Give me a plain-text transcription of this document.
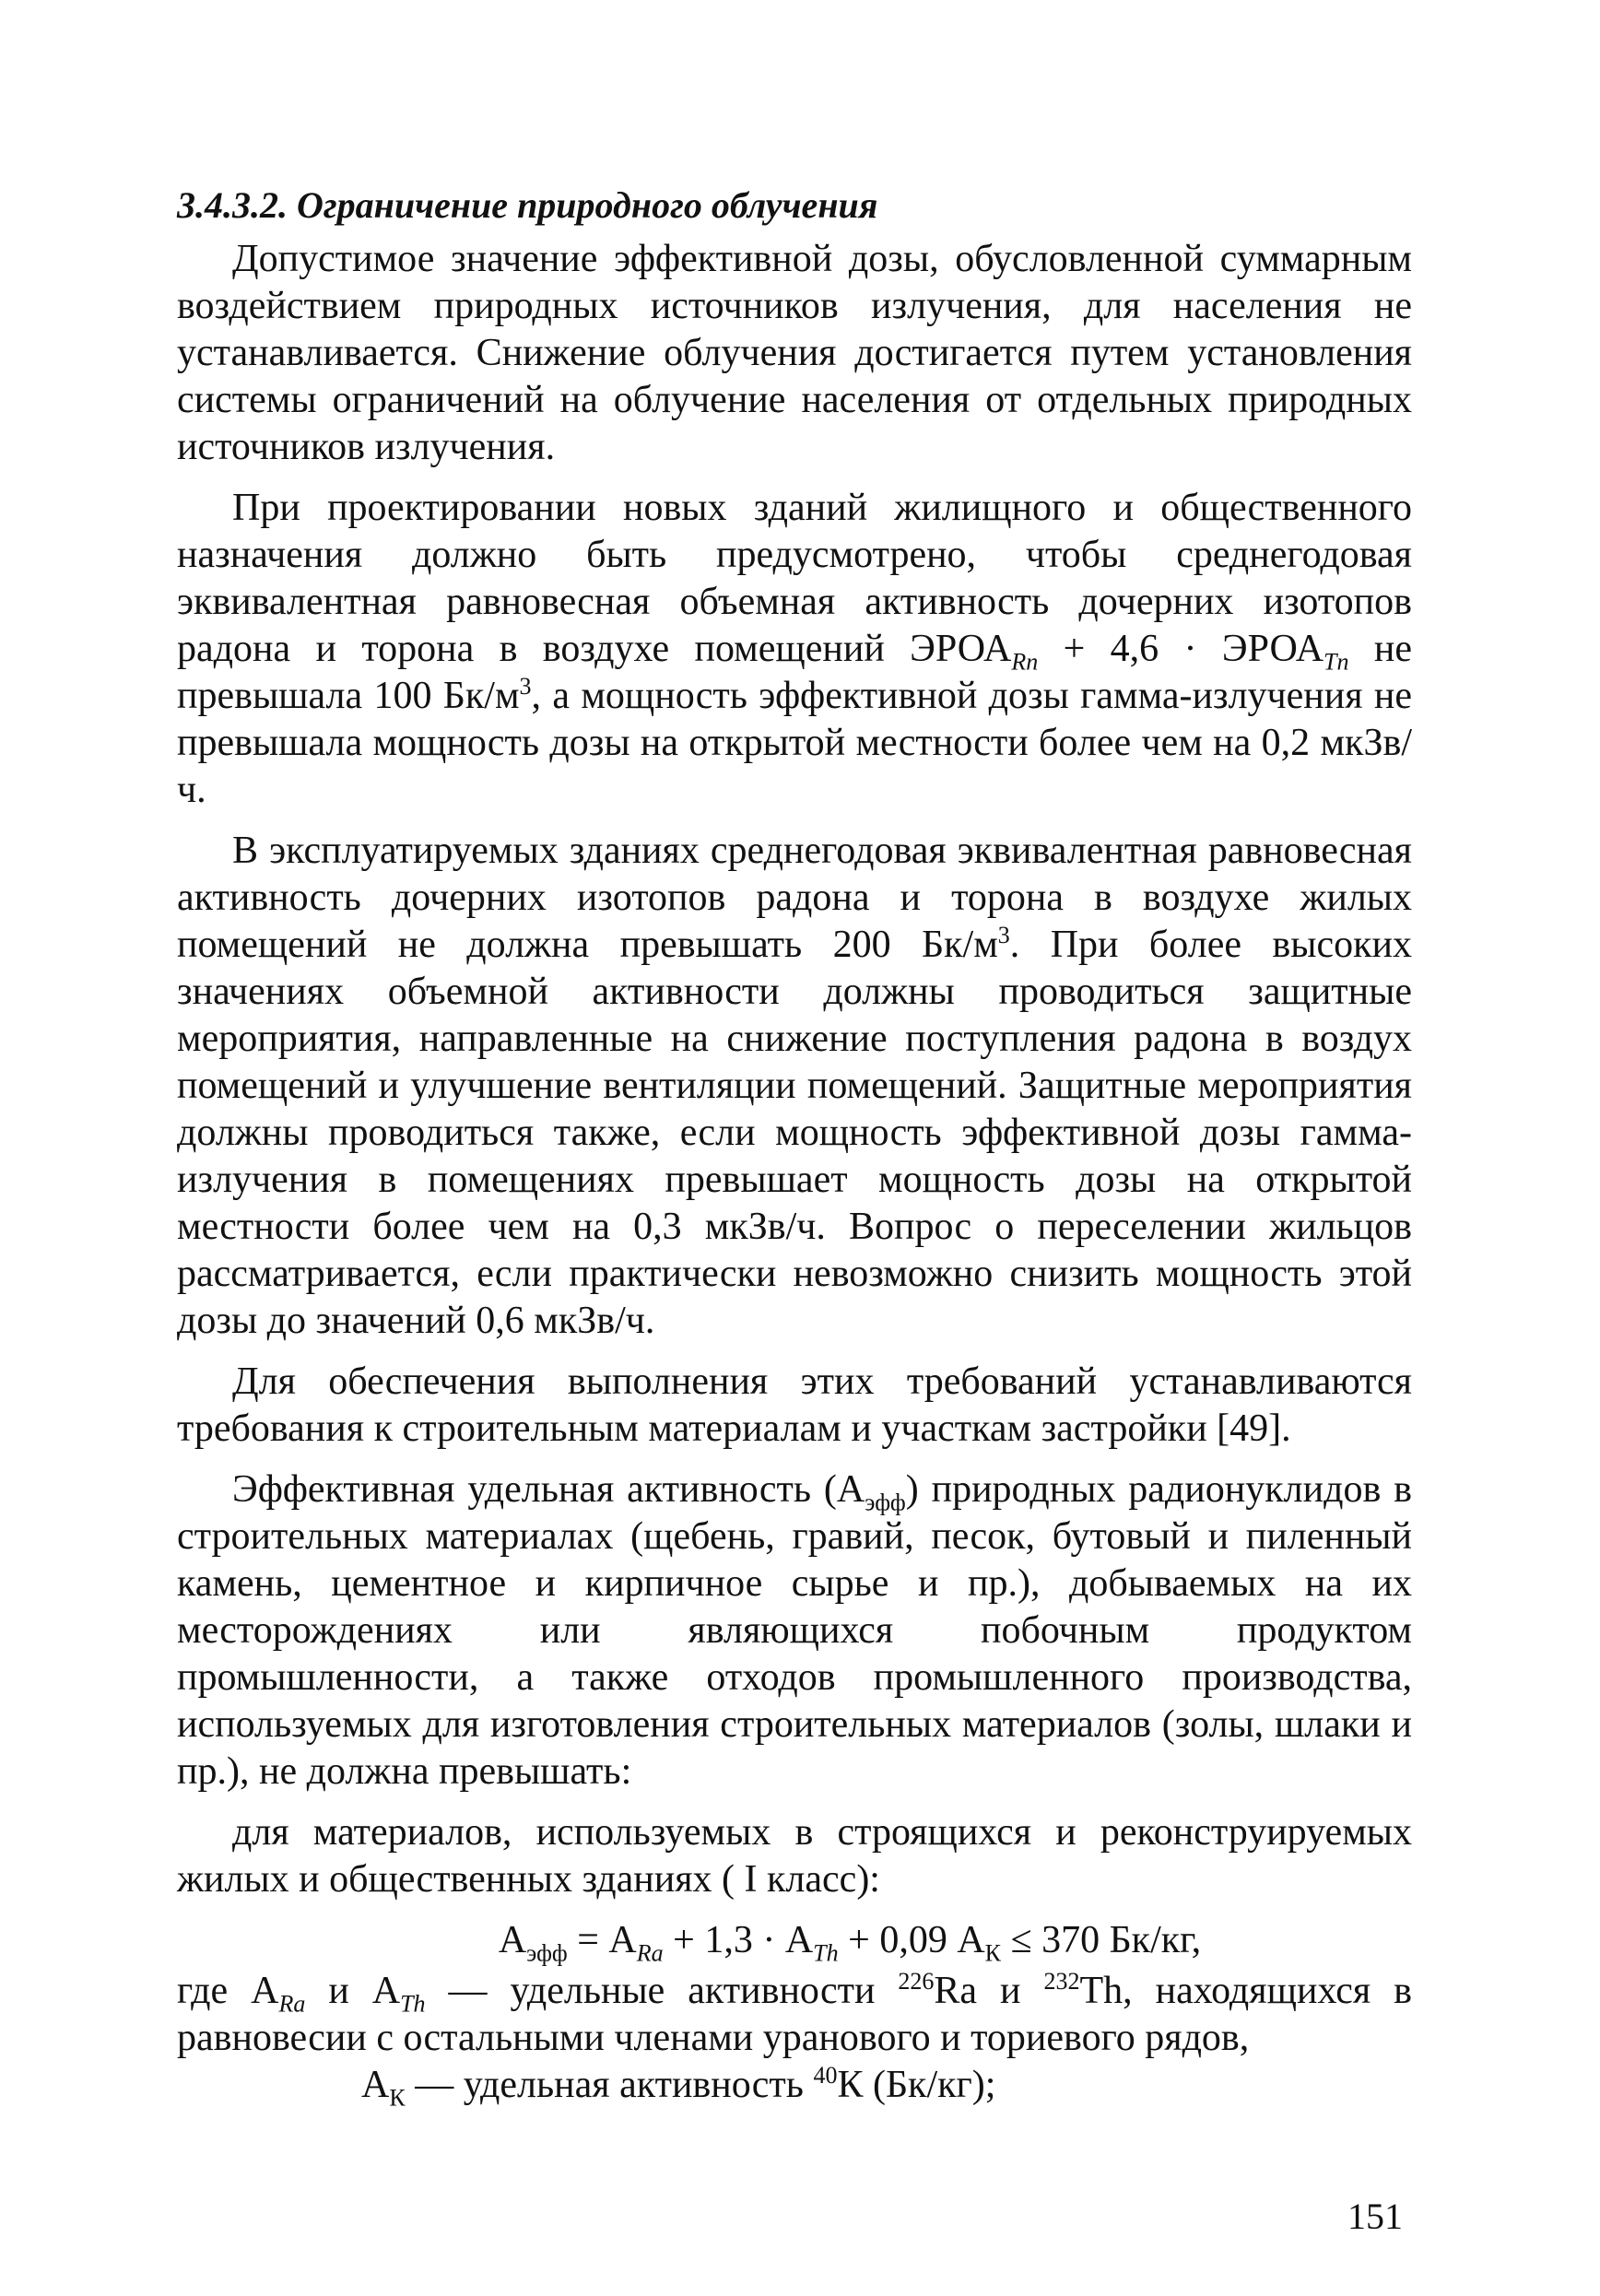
3.4.3.2. Ограничение природного облучения

Допустимое значение эффективной дозы, обусловленной суммарным воздействием природных источников излучения, для населения не устанавливается. Снижение облучения достигается путем установления системы ограничений на облучение населения от отдельных природных источников излучения.

При проектировании новых зданий жилищного и общественного назначения должно быть предусмотрено, чтобы среднегодовая эквивалентная равновесная объемная активность дочерних изотопов радона и торона в воздухе помещений $ЭРОА_{Rn} + 4,6$ · $ЭРОА_{Tn}$ не превышала 100 $Бк/м^3$, а мощность эффективной дозы гамма-излучения не превышала мощность дозы на открытой местности более чем на 0,2 мкЗв/ч.

В эксплуатируемых зданиях среднегодовая эквивалентная равновесная активность дочерних изотопов радона и торона в воздухе жилых помещений не должна превышать 200 $Бк/м^3$. При более высоких значениях объемной активности должны проводиться защитные мероприятия, направленные на снижение поступления радона в воздух помещений и улучшение вентиляции помещений. Защитные мероприятия должны проводиться также, если мощность эффективной дозы гамма-излучения в помещениях превышает мощность дозы на открытой местности более чем на 0,3 мкЗв/ч. Вопрос о переселении жильцов рассматривается, если практически невозможно снизить мощность этой дозы до значений 0,6 мкЗв/ч.

Для обеспечения выполнения этих требований устанавливаются требования к строительным материалам и участкам застройки [49].

Эффективная удельная активность $(А_{эфф})$ природных радионуклидов в строительных материалах (щебень, гравий, песок, бутовый и пиленный камень, цементное и кирпичное сырье и пр.), добываемых на их месторождениях или являющихся побочным продуктом промышленности, а также отходов промышленного производства, используемых для изготовления строительных материалов (золы, шлаки и пр.), не должна превышать:

для материалов, используемых в строящихся и реконструируемых жилых и общественных зданиях ( I класс):

$А_{эфф} = А_{Ra} + 1,3 \cdot А_{Th} + 0,09$ $А_К \le 370$ Бк/кг,

где $А_{Ra}$ и $А_{Th}$ — удельные активности $^{226}$Ra и $^{232}$Th, находящихся в равновесии с остальными членами уранового и ториевого рядов,

$А_К$ — удельная активность $^{40}$К (Бк/кг);

151
